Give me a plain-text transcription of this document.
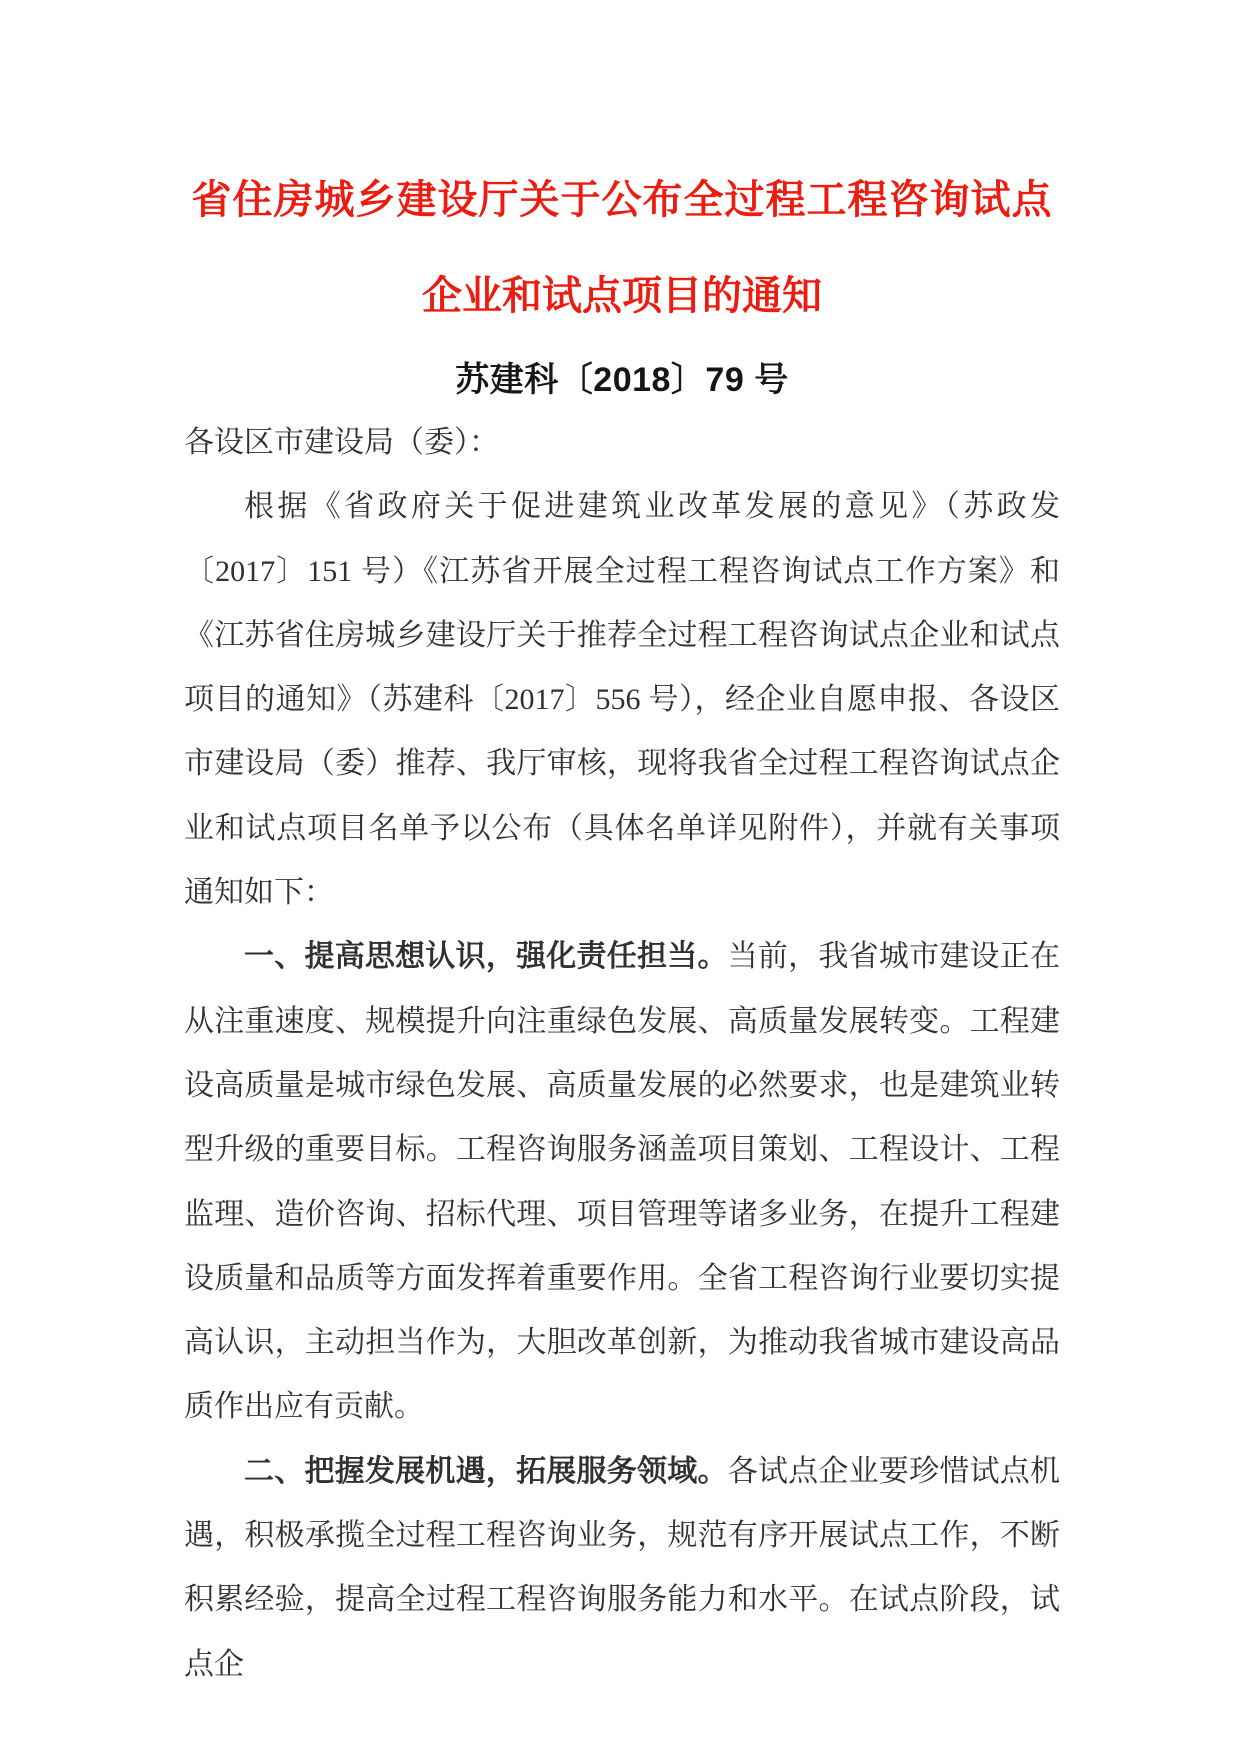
省住房城乡建设厅关于公布全过程工程咨询试点
企业和试点项目的通知
苏建科〔2018〕79 号

各设区市建设局（委）：

根据《省政府关于促进建筑业改革发展的意见》（苏政发〔2017〕151 号）《江苏省开展全过程工程咨询试点工作方案》和《江苏省住房城乡建设厅关于推荐全过程工程咨询试点企业和试点项目的通知》（苏建科〔2017〕556 号），经企业自愿申报、各设区市建设局（委）推荐、我厅审核，现将我省全过程工程咨询试点企业和试点项目名单予以公布（具体名单详见附件），并就有关事项通知如下：

一、提高思想认识，强化责任担当。当前，我省城市建设正在从注重速度、规模提升向注重绿色发展、高质量发展转变。工程建设高质量是城市绿色发展、高质量发展的必然要求，也是建筑业转型升级的重要目标。工程咨询服务涵盖项目策划、工程设计、工程监理、造价咨询、招标代理、项目管理等诸多业务，在提升工程建设质量和品质等方面发挥着重要作用。全省工程咨询行业要切实提高认识，主动担当作为，大胆改革创新，为推动我省城市建设高品质作出应有贡献。

二、把握发展机遇，拓展服务领域。各试点企业要珍惜试点机遇，积极承揽全过程工程咨询业务，规范有序开展试点工作，不断积累经验，提高全过程工程咨询服务能力和水平。在试点阶段，试点企
